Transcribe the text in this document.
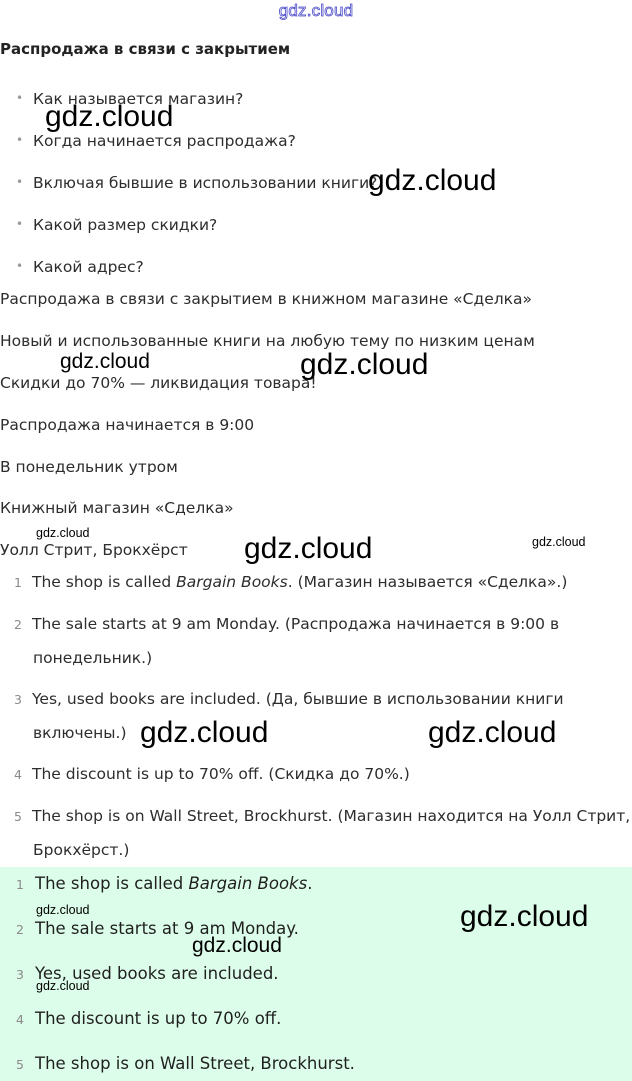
gdz.cloud
Распродажа в связи с закрытием
• Как называется магазин?
• Когда начинается распродажа?
• Включая бывшие в использовании книги?
• Какой размер скидки?
• Какой адрес?
Распродажа в связи с закрытием в книжном магазине «Сделка»
Новый и использованные книги на любую тему по низким ценам
Скидки до 70% — ликвидация товара!
Распродажа начинается в 9:00
В понедельник утром
Книжный магазин «Сделка»
Уолл Стрит, Брокхёрст
1 The shop is called Bargain Books. (Магазин называется «Сделка».)
2 The sale starts at 9 am Monday. (Распродажа начинается в 9:00 в
понедельник.)
3 Yes, used books are included. (Да, бывшие в использовании книги
включены.)
4 The discount is up to 70% off. (Скидка до 70%.)
5 The shop is on Wall Street, Brockhurst. (Магазин находится на Уолл Стрит,
Брокхёрст.)
1 The shop is called Bargain Books.
2 The sale starts at 9 am Monday.
3 Yes, used books are included.
4 The discount is up to 70% off.
5 The shop is on Wall Street, Brockhurst.
gdz.cloud
gdz.cloud
gdz.cloud	gdz.cloud
gdz.cloud	gdz.cloud	gdz.cloud
gdz.cloud	gdz.cloud
gdz.cloud
gdz.cloud
gdz.cloud
gdz.cloud
